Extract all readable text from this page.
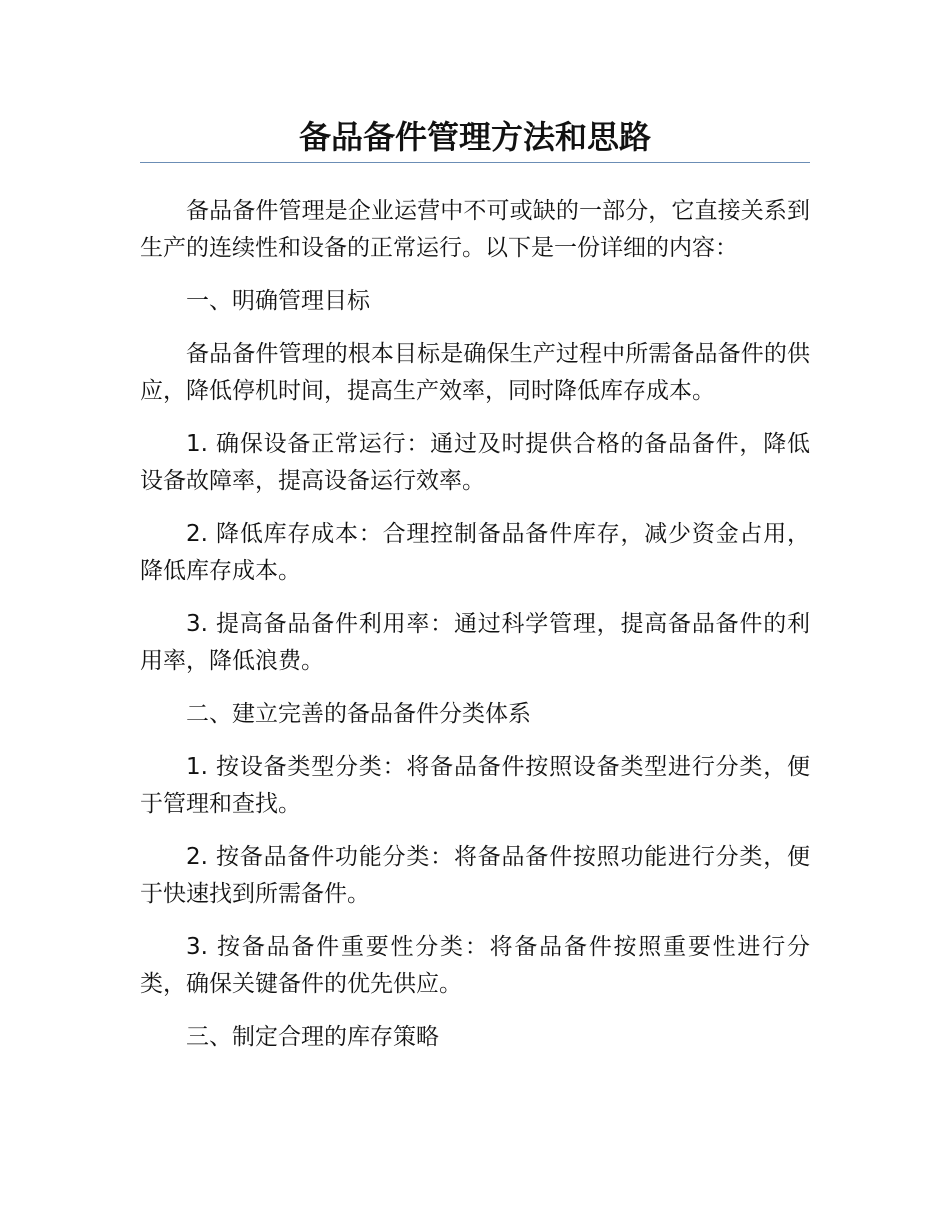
备品备件管理方法和思路

备品备件管理是企业运营中不可或缺的一部分，它直接关系到生产的连续性和设备的正常运行。以下是一份详细的内容：

一、明确管理目标

备品备件管理的根本目标是确保生产过程中所需备品备件的供应，降低停机时间，提高生产效率，同时降低库存成本。

1. 确保设备正常运行：通过及时提供合格的备品备件，降低设备故障率，提高设备运行效率。

2. 降低库存成本：合理控制备品备件库存，减少资金占用，降低库存成本。

3. 提高备品备件利用率：通过科学管理，提高备品备件的利用率，降低浪费。

二、建立完善的备品备件分类体系

1. 按设备类型分类：将备品备件按照设备类型进行分类，便于管理和查找。

2. 按备品备件功能分类：将备品备件按照功能进行分类，便于快速找到所需备件。

3. 按备品备件重要性分类：将备品备件按照重要性进行分类，确保关键备件的优先供应。

三、制定合理的库存策略
